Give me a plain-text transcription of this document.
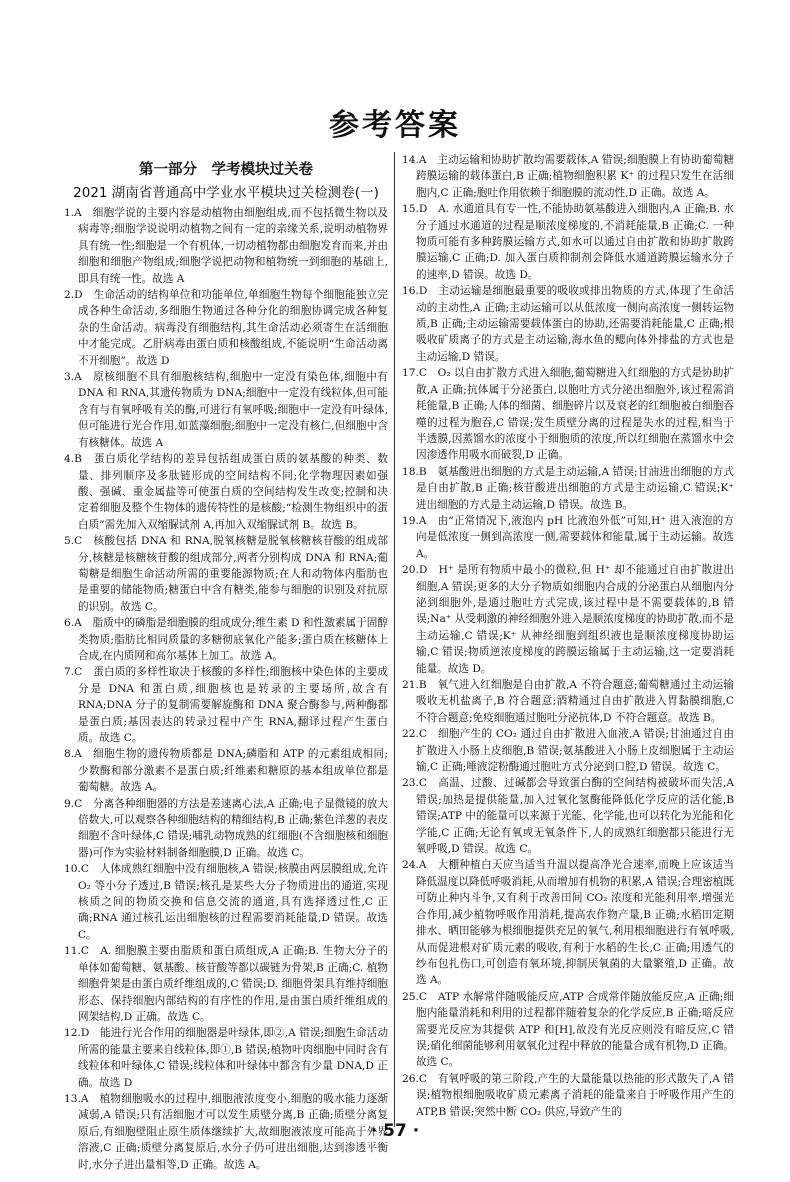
参考答案
第一部分　学考模块过关卷
2021 湖南省普通高中学业水平模块过关检测卷(一)

1.A　细胞学说的主要内容是动植物由细胞组成,而不包括微生物以及病毒等;细胞学说说明动植物之间有一定的亲缘关系,说明动植物界具有统一性;细胞是一个有机体,一切动植物都由细胞发育而来,并由细胞和细胞产物组成;细胞学说把动物和植物统一到细胞的基础上,即具有统一性。故选 A

2.D　生命活动的结构单位和功能单位,单细胞生物每个细胞能独立完成各种生命活动,多细胞生物通过各种分化的细胞协调完成各种复杂的生命活动。病毒没有细胞结构,其生命活动必须寄生在活细胞中才能完成。乙肝病毒由蛋白质和核酸组成,不能说明“生命活动离不开细胞”。故选 D

3.A　原核细胞不具有细胞核结构,细胞中一定没有染色体,细胞中有 DNA 和 RNA,其遗传物质为 DNA;细胞中一定没有线粒体,但可能含有与有氧呼吸有关的酶,可进行有氧呼吸;细胞中一定没有叶绿体,但可能进行光合作用,如蓝藻细胞;细胞中一定没有核仁,但细胞中含有核糖体。故选 A

4.B　蛋白质化学结构的差异包括组成蛋白质的氨基酸的种类、数量、排列顺序及多肽链形成的空间结构不同;化学物理因素如强酸、强碱、重金属盐等可使蛋白质的空间结构发生改变;控制和决定着细胞及整个生物体的遗传特性的是核酸;“检测生物组织中的蛋白质”需先加入双缩脲试剂 A,再加入双缩脲试剂 B。故选 B。

5.C　核酸包括 DNA 和 RNA,脱氧核糖是脱氧核糖核苷酸的组成部分,核糖是核糖核苷酸的组成部分,两者分别构成 DNA 和 RNA;葡萄糖是细胞生命活动所需的重要能源物质;在人和动物体内脂肪也是重要的储能物质;糖蛋白中含有糖类,能参与细胞的识别及对抗原的识别。故选 C。

6.A　脂质中的磷脂是细胞膜的组成成分;维生素 D 和性激素属于固醇类物质;脂肪比相同质量的多糖彻底氧化产能多;蛋白质在核糖体上合成,在内质网和高尔基体上加工。故选 A。

7.C　蛋白质的多样性取决于核酸的多样性;细胞核中染色体的主要成分是 DNA 和蛋白质,细胞核也是转录的主要场所,故含有 RNA;DNA 分子的复制需要解旋酶和 DNA 聚合酶参与,两种酶都是蛋白质;基因表达的转录过程中产生 RNA,翻译过程产生蛋白质。故选 C。

8.A　细胞生物的遗传物质都是 DNA;磷脂和 ATP 的元素组成相同;少数酶和部分激素不是蛋白质;纤维素和糖原的基本组成单位都是葡萄糖。故选 A。

9.C　分离各种细胞器的方法是差速离心法,A 正确;电子显微镜的放大倍数大,可以观察各种细胞结构的精细结构,B 正确;紫色洋葱的表皮细胞不含叶绿体,C 错误;哺乳动物成熟的红细胞(不含细胞核和细胞器)可作为实验材料制备细胞膜,D 正确。故选 C。

10.C　人体成熟红细胞中没有细胞核,A 错误;核膜由两层膜组成,允许 O₂ 等小分子透过,B 错误;核孔是某些大分子物质进出的通道,实现核质之间的物质交换和信息交流的通道,具有选择透过性,C 正确;RNA 通过核孔运出细胞核的过程需要消耗能量,D 错误。故选 C。

11.C　A. 细胞膜主要由脂质和蛋白质组成,A 正确;B. 生物大分子的单体如葡萄糖、氨基酸、核苷酸等都以碳链为骨架,B 正确;C. 植物细胞骨架是由蛋白质纤维组成的,C 错误;D. 细胞骨架具有维持细胞形态、保持细胞内部结构的有序性的作用,是由蛋白质纤维组成的网架结构,D 正确。故选 C。

12.D　能进行光合作用的细胞器是叶绿体,即②,A 错误;细胞生命活动所需的能量主要来自线粒体,即①,B 错误;植物叶肉细胞中同时含有线粒体和叶绿体,C 错误;线粒体和叶绿体中都含有少量 DNA,D 正确。故选 D

13.A　植物细胞吸水的过程中,细胞液浓度变小,细胞的吸水能力逐渐减弱,A 错误;只有活细胞才可以发生质壁分离,B 正确;质壁分离复原后,有细胞壁阻止原生质体继续扩大,故细胞液浓度可能高于外界溶液,C 正确;质壁分离复原后,水分子仍可进出细胞,达到渗透平衡时,水分子进出量相等,D 正确。故选 A。

14.A　主动运输和协助扩散均需要载体,A 错误;细胞膜上有协助葡萄糖跨膜运输的载体蛋白,B 正确;植物细胞积累 K⁺ 的过程只发生在活细胞内,C 正确;胞吐作用依赖于细胞膜的流动性,D 正确。故选 A。

15.D　A. 水通道具有专一性,不能协助氨基酸进入细胞内,A 正确;B. 水分子通过水通道的过程是顺浓度梯度的,不消耗能量,B 正确;C. 一种物质可能有多种跨膜运输方式,如水可以通过自由扩散和协助扩散跨膜运输,C 正确;D. 加入蛋白质抑制剂会降低水通道跨膜运输水分子的速率,D 错误。故选 D。

16.D　主动运输是细胞最重要的吸收或排出物质的方式,体现了生命活动的主动性,A 正确;主动运输可以从低浓度一侧向高浓度一侧转运物质,B 正确;主动运输需要载体蛋白的协助,还需要消耗能量,C 正确;根吸收矿质离子的方式是主动运输,海水鱼的鳃向体外排盐的方式也是主动运输,D 错误。

17.C　O₂ 以自由扩散方式进入细胞,葡萄糖进入红细胞的方式是协助扩散,A 正确;抗体属于分泌蛋白,以胞吐方式分泌出细胞外,该过程需消耗能量,B 正确;人体的细菌、细胞碎片以及衰老的红细胞被白细胞吞噬的过程为胞吞,C 错误;发生质壁分离的过程是失水的过程,相当于半透膜,因蒸馏水的浓度小于细胞质的浓度,所以红细胞在蒸馏水中会因渗透作用吸水而破裂,D 正确。

18.B　氨基酸进出细胞的方式是主动运输,A 错误;甘油进出细胞的方式是自由扩散,B 正确;核苷酸进出细胞的方式是主动运输,C 错误;K⁺ 进出细胞的方式是主动运输,D 错误。故选 B。

19.A　由“正常情况下,液泡内 pH 比液泡外低”可知,H⁺ 进入液泡的方向是低浓度一侧到高浓度一侧,需要载体和能量,属于主动运输。故选 A。

20.D　H⁺ 是所有物质中最小的微粒,但 H⁺ 却不能通过自由扩散进出细胞,A 错误;更多的大分子物质如细胞内合成的分泌蛋白从细胞内分泌到细胞外,是通过胞吐方式完成,该过程中是不需要载体的,B 错误;Na⁺ 从受刺激的神经细胞外进入是顺浓度梯度的协助扩散,而不是主动运输,C 错误;K⁺ 从神经细胞到组织液也是顺浓度梯度协助运输,C 错误;物质逆浓度梯度的跨膜运输属于主动运输,这一定要消耗能量。故选 D。

21.B　氧气进入红细胞是自由扩散,A 不符合题意;葡萄糖通过主动运输吸收无机盐离子,B 符合题意;酒精通过自由扩散进入胃黏膜细胞,C 不符合题意;免疫细胞通过胞吐分泌抗体,D 不符合题意。故选 B。

22.C　细胞产生的 CO₂ 通过自由扩散进入血液,A 错误;甘油通过自由扩散进入小肠上皮细胞,B 错误;氨基酸进入小肠上皮细胞属于主动运输,C 正确;唾液淀粉酶通过胞吐方式分泌到口腔,D 错误。故选 C。

23.C　高温、过酸、过碱都会导致蛋白酶的空间结构被破坏而失活,A 错误;加热是提供能量,加入过氧化氢酶能降低化学反应的活化能,B 错误;ATP 中的能量可以来源于光能、化学能,也可以转化为光能和化学能,C 正确;无论有氧或无氧条件下,人的成熟红细胞都只能进行无氧呼吸,D 错误。故选 C。

24.A　大棚种植白天应当适当升温以提高净光合速率,而晚上应该适当降低温度以降低呼吸消耗,从而增加有机物的积累,A 错误;合理密植既可防止种内斗争,又有利于改善田间 CO₂ 浓度和光能利用率,增强光合作用,减少植物呼吸作用消耗,提高农作物产量,B 正确;水稻田定期排水、晒田能够为根细胞提供充足的氧气,利用根细胞进行有氧呼吸,从而促进根对矿质元素的吸收,有利于水稻的生长,C 正确;用透气的纱布包扎伤口,可创造有氧环境,抑制厌氧菌的大量繁殖,D 正确。故选 A。

25.C　ATP 水解常伴随吸能反应,ATP 合成常伴随放能反应,A 正确;细胞内能量消耗和利用的过程都伴随着复杂的化学反应,B 正确;暗反应需要光反应为其提供 ATP 和[H],故没有光反应则没有暗反应,C 错误;硝化细菌能够利用氨氧化过程中释放的能量合成有机物,D 正确。故选 C。

26.C　有氧呼吸的第三阶段,产生的大量能量以热能的形式散失了,A 错误;植物根细胞吸收矿质元素离子消耗的能量来自于呼吸作用产生的 ATP,B 错误;突然中断 CO₂ 供应,导致产生的

· 57 ·
